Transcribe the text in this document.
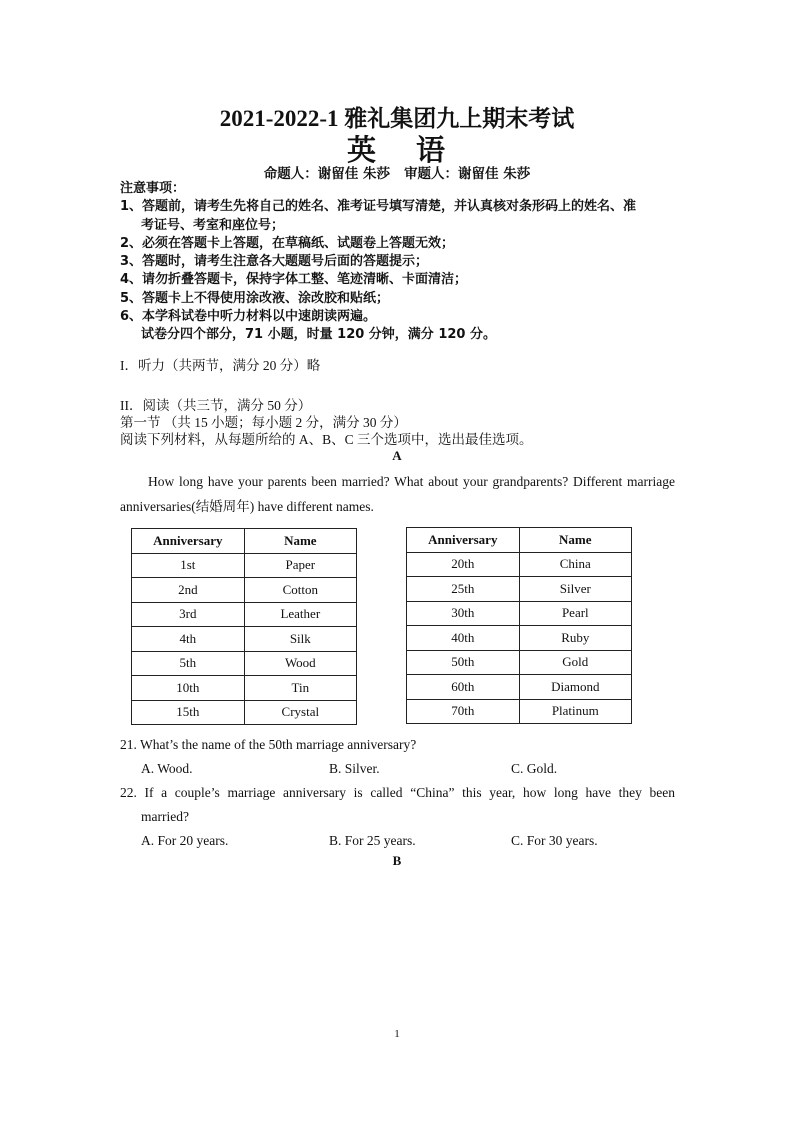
2021-2022-1 雅礼集团九上期末考试
英 语
命题人：谢留佳 朱莎 审题人：谢留佳 朱莎
注意事项：
1、答题前，请考生先将自己的姓名、准考证号填写清楚，并认真核对条形码上的姓名、准
考证号、考室和座位号；
2、必须在答题卡上答题，在草稿纸、试题卷上答题无效；
3、答题时，请考生注意各大题题号后面的答题提示；
4、请勿折叠答题卡，保持字体工整、笔迹清晰、卡面清洁；
5、答题卡上不得使用涂改液、涂改胶和贴纸；
6、本学科试卷中听力材料以中速朗读两遍。
试卷分四个部分，71 小题，时量 120 分钟，满分 120 分。
I．听力（共两节，满分 20 分）略
II．阅读（共三节，满分 50 分）
第一节 （共 15 小题；每小题 2 分，满分 30 分）
阅读下列材料，从每题所给的 A、B、C 三个选项中，选出最佳选项。
A
How long have your parents been married? What about your grandparents? Different marriage anniversaries(结婚周年) have different names.
Anniversary	Name
1st	Paper
2nd	Cotton
3rd	Leather
4th	Silk
5th	Wood
10th	Tin
15th	Crystal
Anniversary	Name
20th	China
25th	Silver
30th	Pearl
40th	Ruby
50th	Gold
60th	Diamond
70th	Platinum
21. What’s the name of the 50th marriage anniversary?
A. Wood.	B. Silver.	C. Gold.
22. If a couple’s marriage anniversary is called “China” this year, how long have they been
married?
A. For 20 years.	B. For 25 years.	C. For 30 years.
B
1
